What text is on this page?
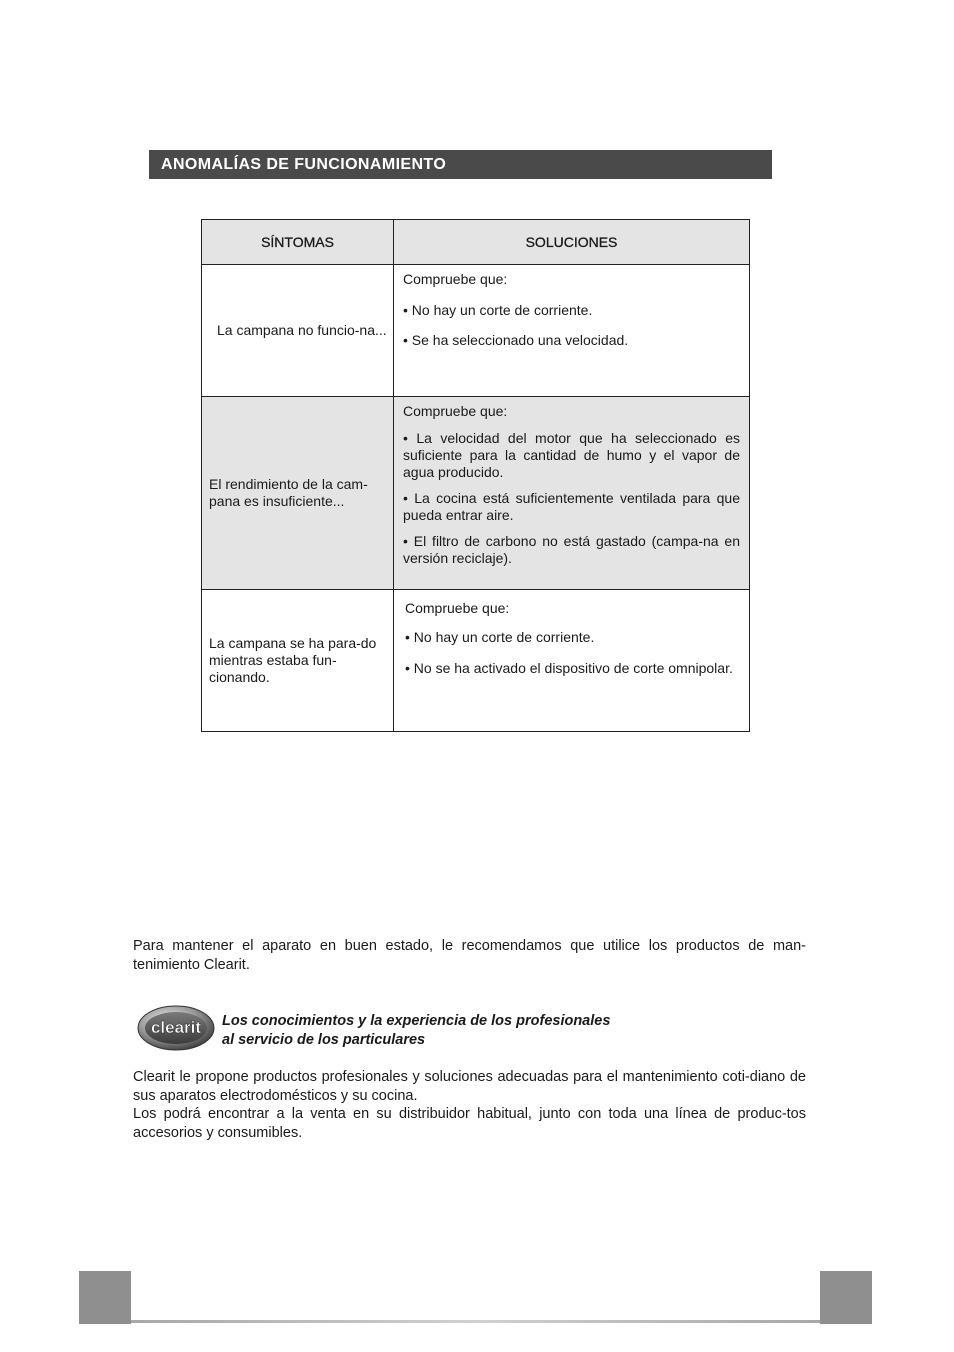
ANOMALÍAS DE FUNCIONAMIENTO
SÍNTOMAS	SOLUCIONES
La campana no funcio-na...	Compruebe que:

• No hay un corte de corriente.

• Se ha seleccionado una velocidad.

El rendimiento de la cam-pana es insuficiente...	Compruebe que:

• La velocidad del motor que ha seleccionado es suficiente para la cantidad de humo y el vapor de agua producido.

• La cocina está suficientemente ventilada para que pueda entrar aire.

• El filtro de carbono no está gastado (campa-na en versión reciclaje).

La campana se ha para-do mientras estaba fun-cionando.	Compruebe que:

• No hay un corte de corriente.

• No se ha activado el dispositivo de corte omnipolar.

Para mantener el aparato en buen estado, le recomendamos que utilice los productos de man-tenimiento Clearit.

clearit Los conocimientos y la experiencia de los profesionales
al servicio de los particulares

Clearit le propone productos profesionales y soluciones adecuadas para el mantenimiento coti-diano de sus aparatos electrodomésticos y su cocina.

Los podrá encontrar a la venta en su distribuidor habitual, junto con toda una línea de produc-tos accesorios y consumibles.
